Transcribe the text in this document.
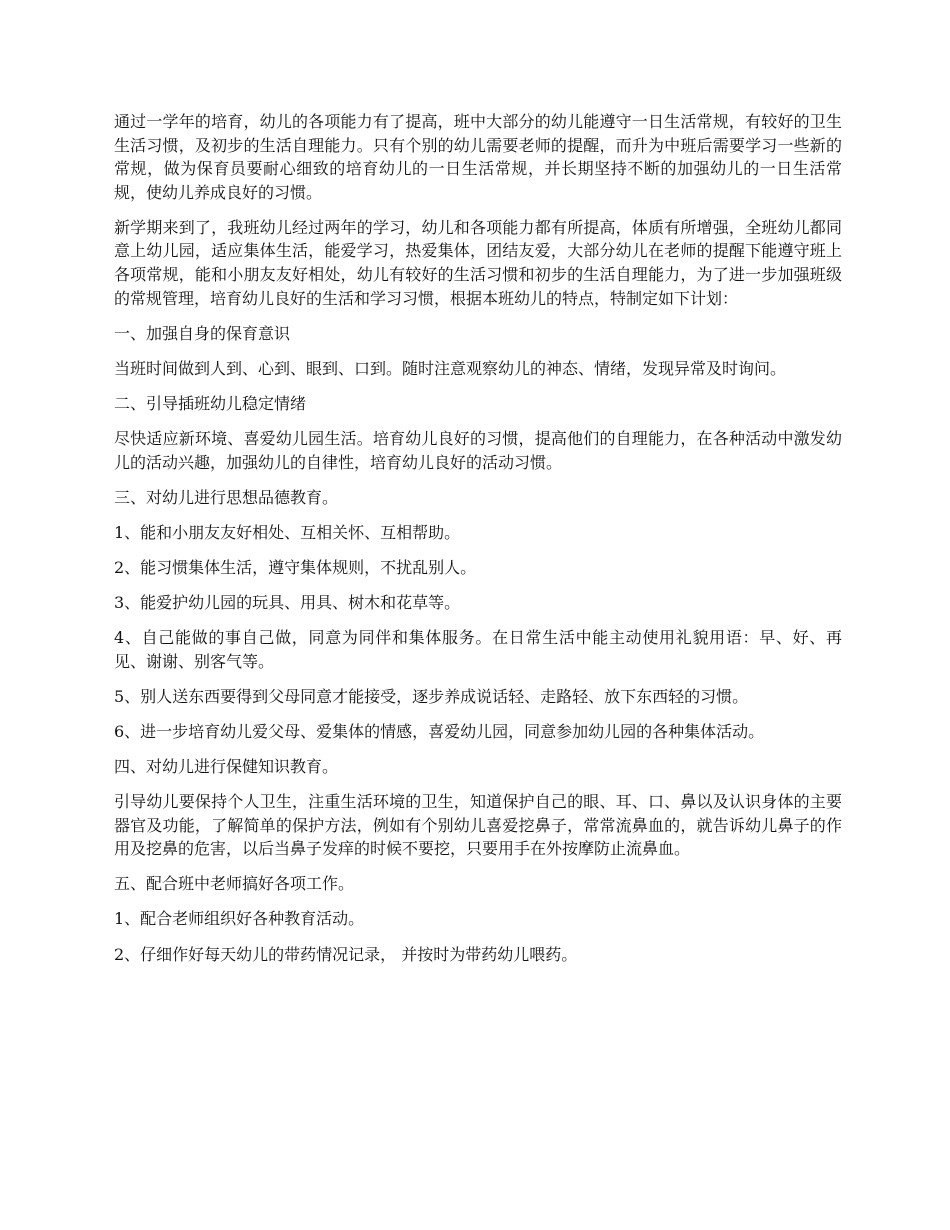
通过一学年的培育，幼儿的各项能力有了提高，班中大部分的幼儿能遵守一日生活常规，有较好的卫生生活习惯，及初步的生活自理能力。只有个别的幼儿需要老师的提醒，而升为中班后需要学习一些新的常规，做为保育员要耐心细致的培育幼儿的一日生活常规，并长期坚持不断的加强幼儿的一日生活常规，使幼儿养成良好的习惯。

新学期来到了，我班幼儿经过两年的学习，幼儿和各项能力都有所提高，体质有所增强，全班幼儿都同意上幼儿园，适应集体生活，能爱学习，热爱集体，团结友爱，大部分幼儿在老师的提醒下能遵守班上各项常规，能和小朋友友好相处，幼儿有较好的生活习惯和初步的生活自理能力，为了进一步加强班级的常规管理，培育幼儿良好的生活和学习习惯，根据本班幼儿的特点，特制定如下计划：

一、加强自身的保育意识

当班时间做到人到、心到、眼到、口到。随时注意观察幼儿的神态、情绪，发现异常及时询问。

二、引导插班幼儿稳定情绪

尽快适应新环境、喜爱幼儿园生活。培育幼儿良好的习惯，提高他们的自理能力，在各种活动中激发幼儿的活动兴趣，加强幼儿的自律性，培育幼儿良好的活动习惯。

三、对幼儿进行思想品德教育。

1、能和小朋友友好相处、互相关怀、互相帮助。

2、能习惯集体生活，遵守集体规则，不扰乱别人。

3、能爱护幼儿园的玩具、用具、树木和花草等。

4、自己能做的事自己做，同意为同伴和集体服务。在日常生活中能主动使用礼貌用语：早、好、再见、谢谢、别客气等。

5、别人送东西要得到父母同意才能接受，逐步养成说话轻、走路轻、放下东西轻的习惯。

6、进一步培育幼儿爱父母、爱集体的情感，喜爱幼儿园，同意参加幼儿园的各种集体活动。

四、对幼儿进行保健知识教育。

引导幼儿要保持个人卫生，注重生活环境的卫生，知道保护自己的眼、耳、口、鼻以及认识身体的主要器官及功能，了解简单的保护方法，例如有个别幼儿喜爱挖鼻子，常常流鼻血的，就告诉幼儿鼻子的作用及挖鼻的危害，以后当鼻子发痒的时候不要挖，只要用手在外按摩防止流鼻血。

五、配合班中老师搞好各项工作。

1、配合老师组织好各种教育活动。

2、仔细作好每天幼儿的带药情况记录， 并按时为带药幼儿喂药。
